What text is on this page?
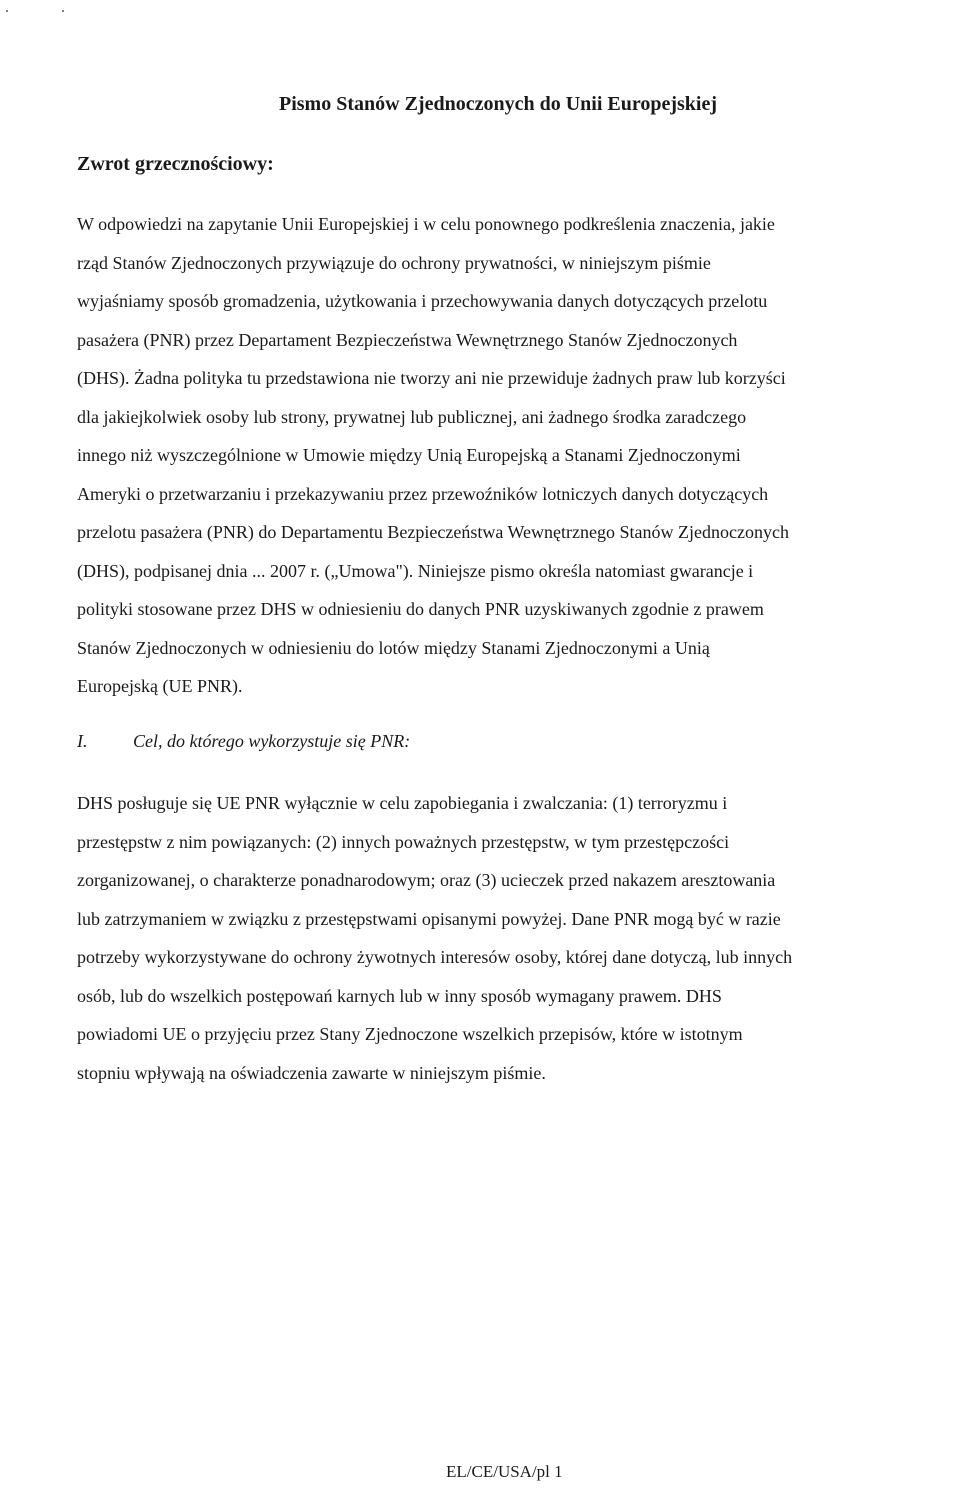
Pismo Stanów Zjednoczonych do Unii Europejskiej
Zwrot grzecznościowy:
W odpowiedzi na zapytanie Unii Europejskiej i w celu ponownego podkreślenia znaczenia, jakie
rząd Stanów Zjednoczonych przywiązuje do ochrony prywatności, w niniejszym piśmie
wyjaśniamy sposób gromadzenia, użytkowania i przechowywania danych dotyczących przelotu
pasażera (PNR) przez Departament Bezpieczeństwa Wewnętrznego Stanów Zjednoczonych
(DHS). Żadna polityka tu przedstawiona nie tworzy ani nie przewiduje żadnych praw lub korzyści
dla jakiejkolwiek osoby lub strony, prywatnej lub publicznej, ani żadnego środka zaradczego
innego niż wyszczególnione w Umowie między Unią Europejską a Stanami Zjednoczonymi
Ameryki o przetwarzaniu i przekazywaniu przez przewoźników lotniczych danych dotyczących
przelotu pasażera (PNR) do Departamentu Bezpieczeństwa Wewnętrznego Stanów Zjednoczonych
(DHS), podpisanej dnia ... 2007 r. („Umowa"). Niniejsze pismo określa natomiast gwarancje i
polityki stosowane przez DHS w odniesieniu do danych PNR uzyskiwanych zgodnie z prawem
Stanów Zjednoczonych w odniesieniu do lotów między Stanami Zjednoczonymi a Unią
Europejską (UE PNR).
I.	Cel, do którego wykorzystuje się PNR:
DHS posługuje się UE PNR wyłącznie w celu zapobiegania i zwalczania: (1) terroryzmu i
przestępstw z nim powiązanych: (2) innych poważnych przestępstw, w tym przestępczości
zorganizowanej, o charakterze ponadnarodowym; oraz (3) ucieczek przed nakazem aresztowania
lub zatrzymaniem w związku z przestępstwami opisanymi powyżej. Dane PNR mogą być w razie
potrzeby wykorzystywane do ochrony żywotnych interesów osoby, której dane dotyczą, lub innych
osób, lub do wszelkich postępowań karnych lub w inny sposób wymagany prawem. DHS
powiadomi UE o przyjęciu przez Stany Zjednoczone wszelkich przepisów, które w istotnym
stopniu wpływają na oświadczenia zawarte w niniejszym piśmie.
EL/CE/USA/pl 1
